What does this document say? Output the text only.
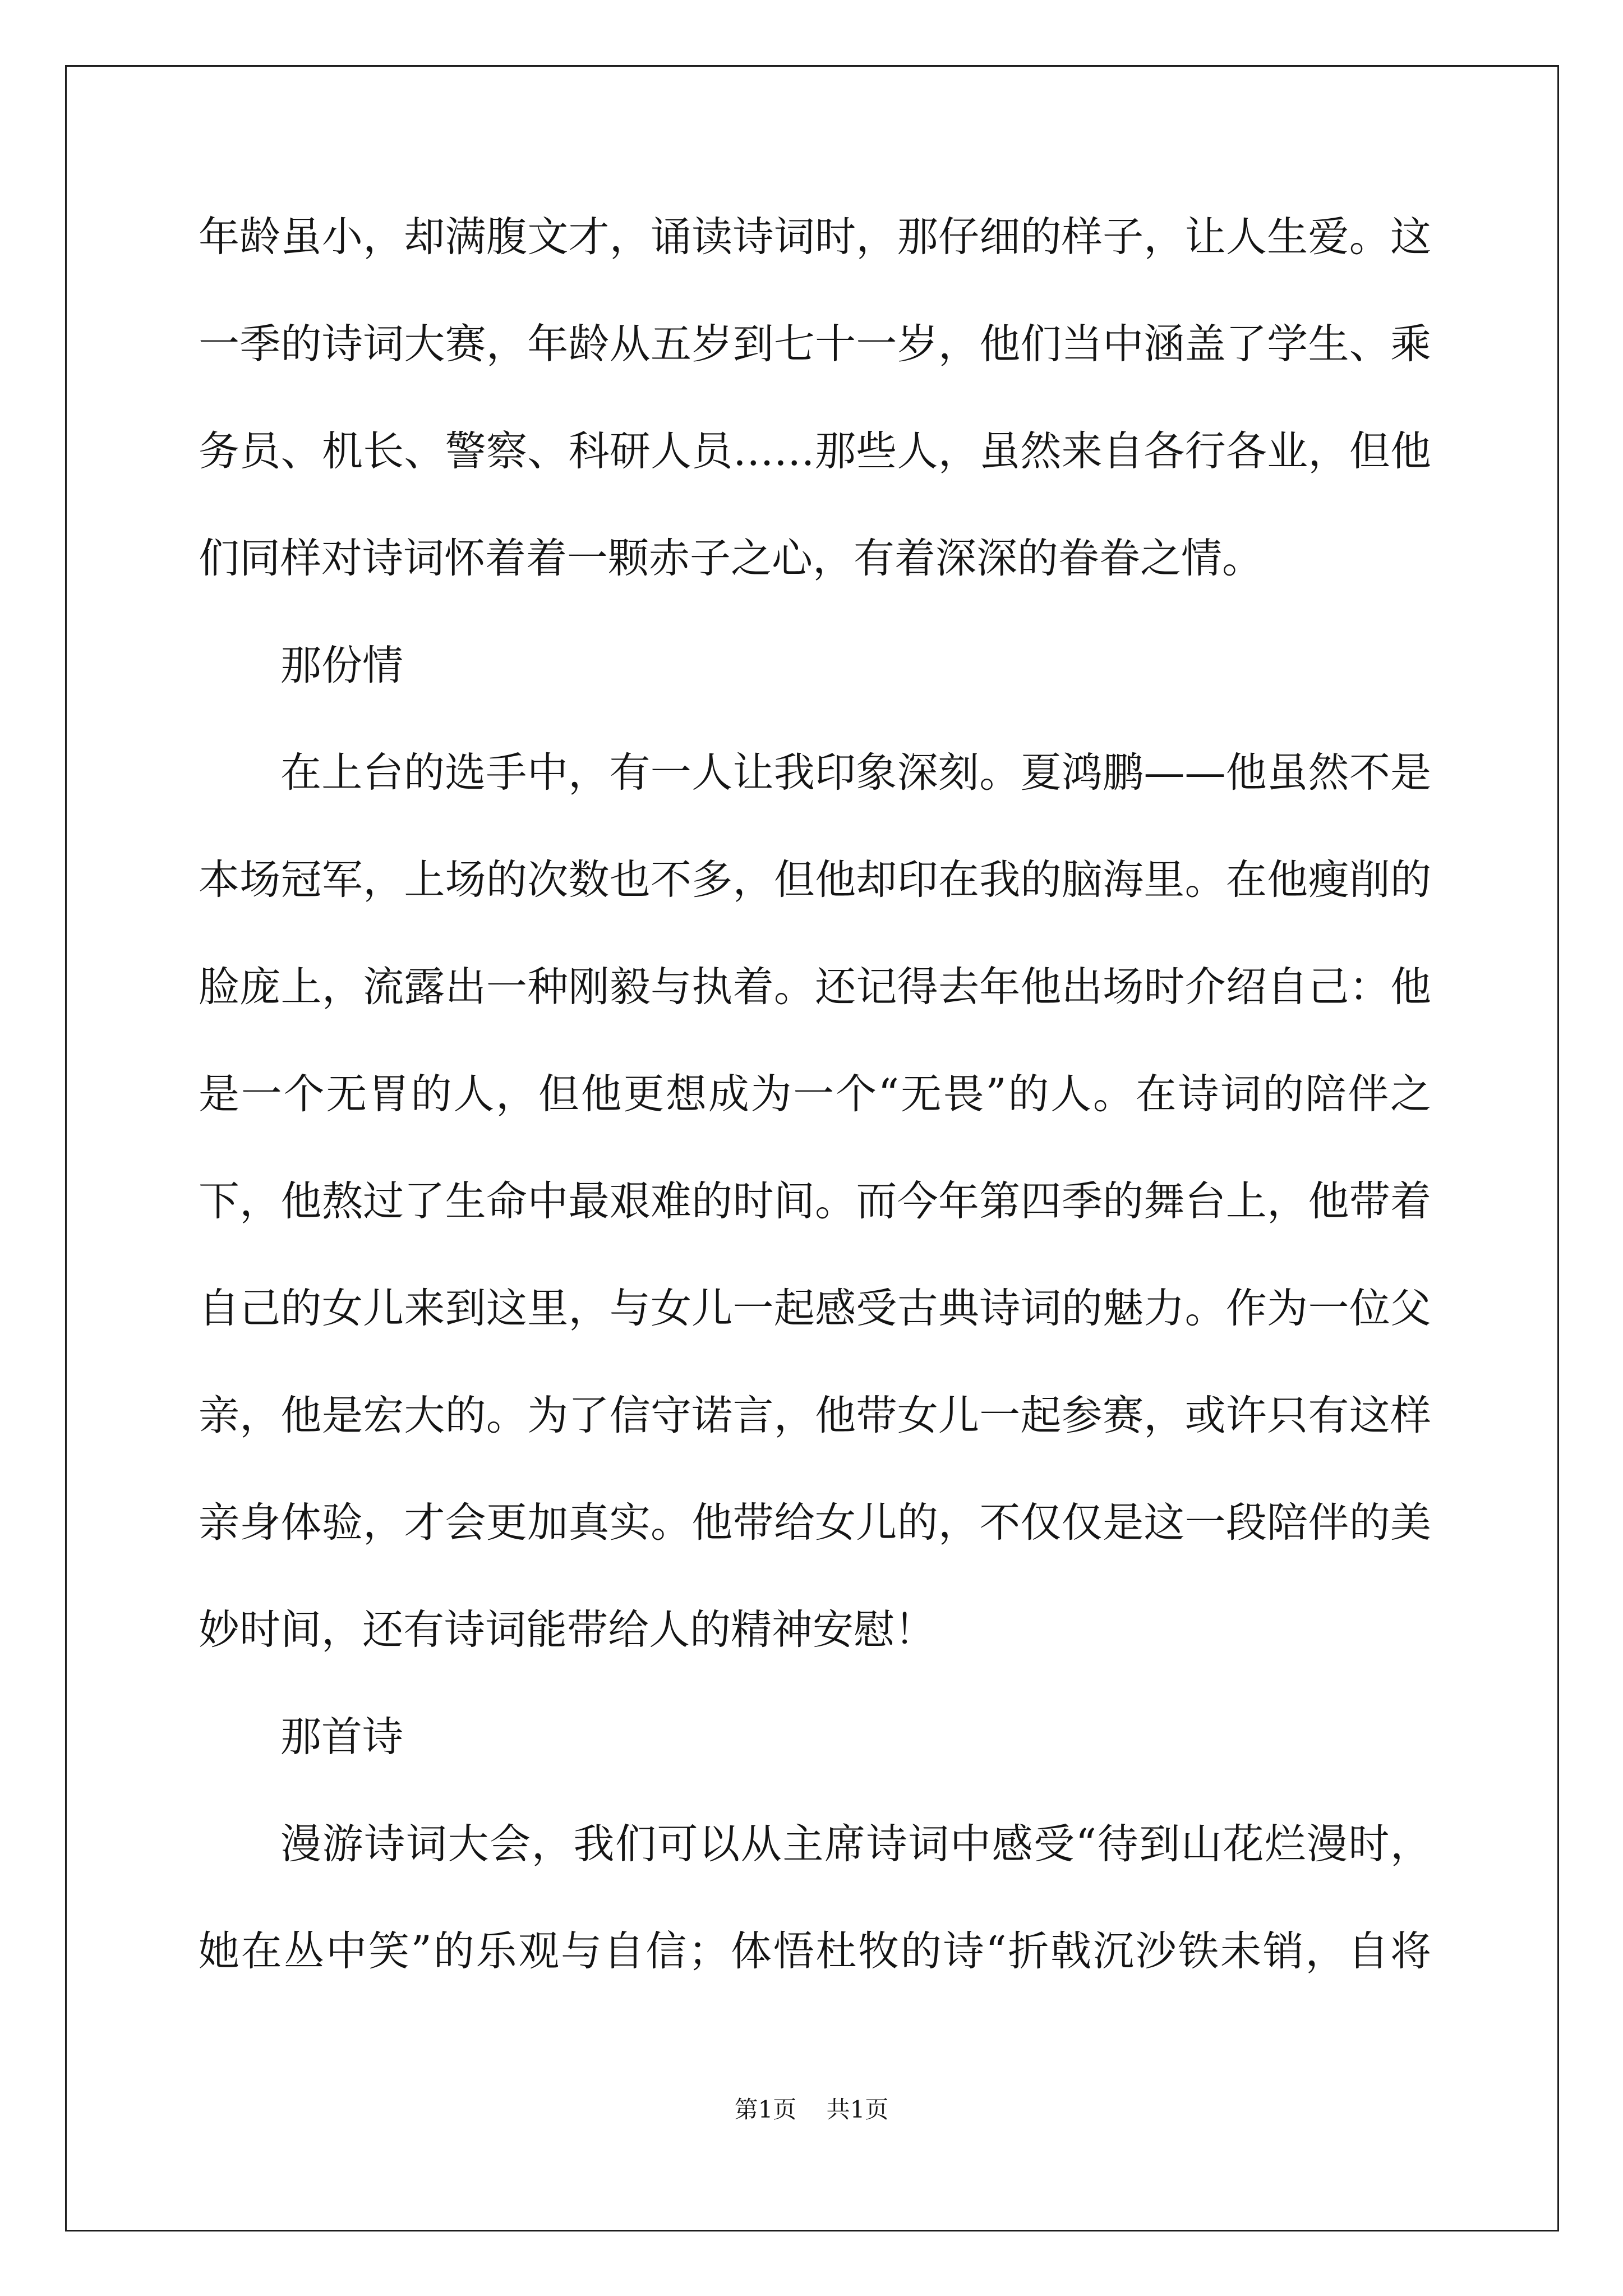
年龄虽小，却满腹文才，诵读诗词时，那仔细的样子，让人生爱。这
一季的诗词大赛，年龄从五岁到七十一岁，他们当中涵盖了学生、乘
务员、机长、警察、科研人员……那些人，虽然来自各行各业，但他
们同样对诗词怀着着一颗赤子之心，有着深深的眷眷之情。
那份情
在上台的选手中，有一人让我印象深刻。夏鸿鹏——他虽然不是
本场冠军，上场的次数也不多，但他却印在我的脑海里。在他瘦削的
脸庞上，流露出一种刚毅与执着。还记得去年他出场时介绍自己：他
是一个无胃的人，但他更想成为一个“无畏”的人。在诗词的陪伴之
下，他熬过了生命中最艰难的时间。而今年第四季的舞台上，他带着
自己的女儿来到这里，与女儿一起感受古典诗词的魅力。作为一位父
亲，他是宏大的。为了信守诺言，他带女儿一起参赛，或许只有这样
亲身体验，才会更加真实。他带给女儿的，不仅仅是这一段陪伴的美
妙时间，还有诗词能带给人的精神安慰！
那首诗
漫游诗词大会，我们可以从主席诗词中感受“待到山花烂漫时，
她在丛中笑”的乐观与自信；体悟杜牧的诗“折戟沉沙铁未销，自将
第1页    共1页
